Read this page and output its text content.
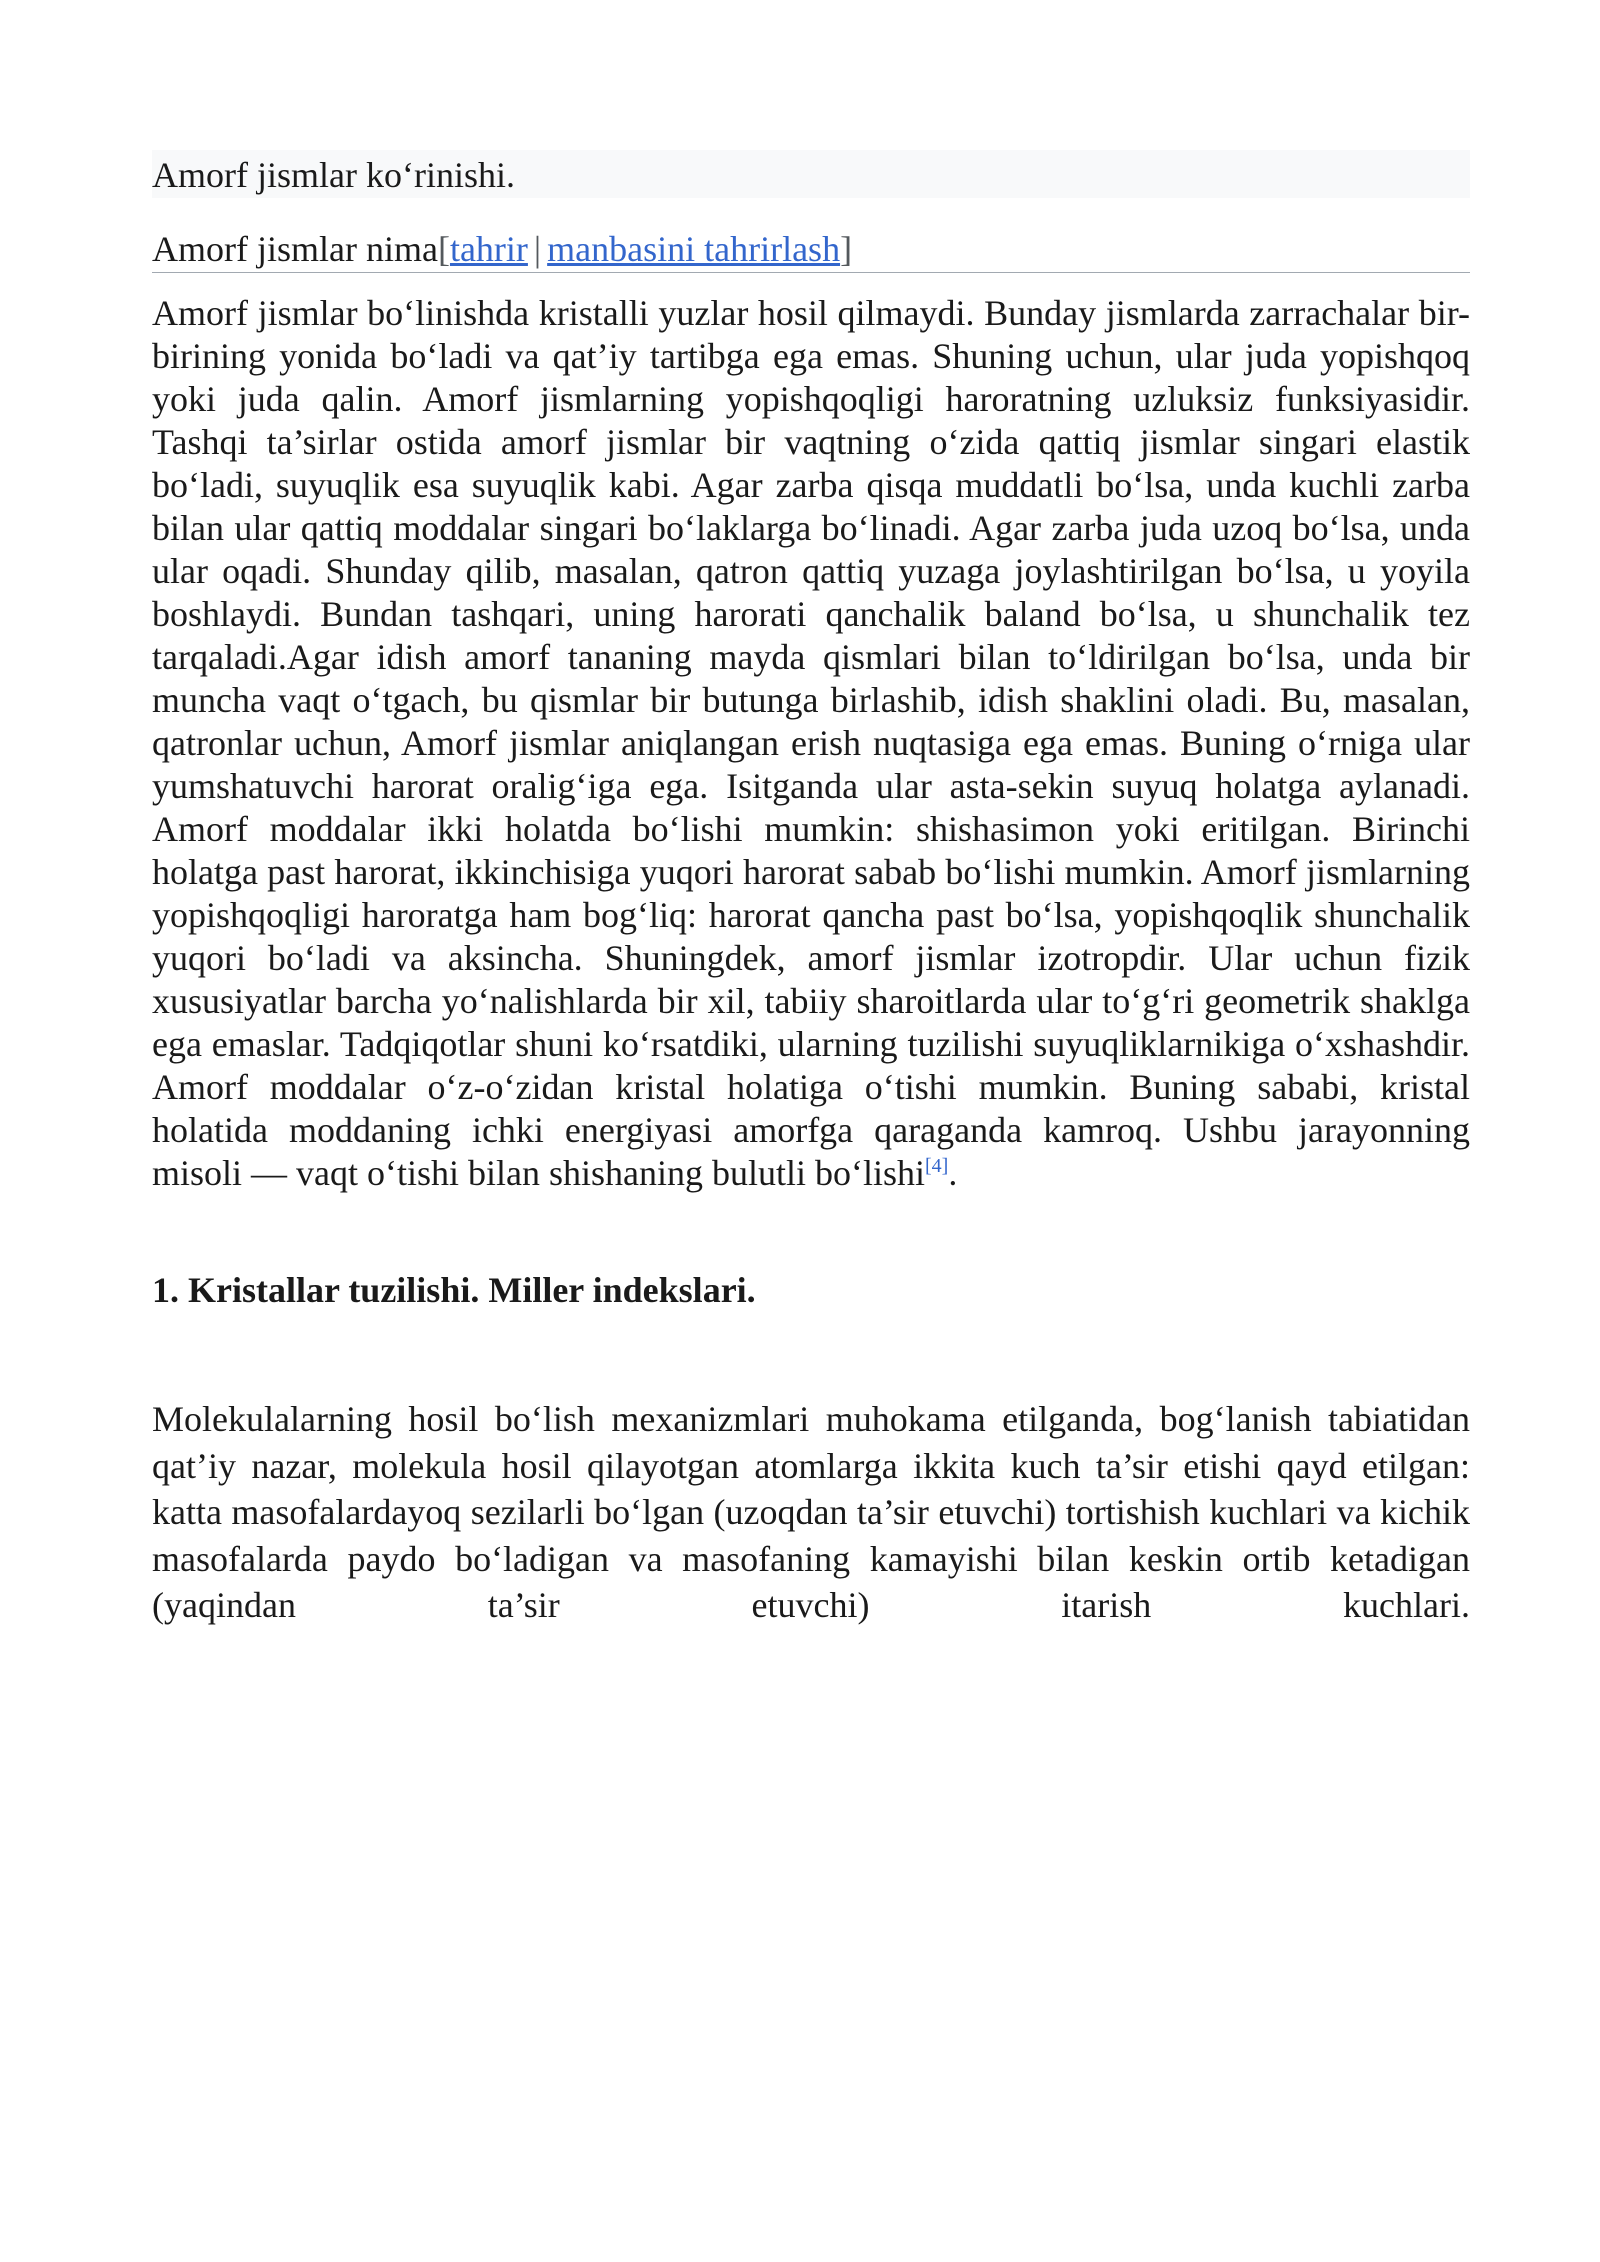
Amorf jismlar ko‘rinishi.
Amorf jismlar nima[tahrir | manbasini tahrirlash]

Amorf jismlar bo‘linishda kristalli yuzlar hosil qilmaydi. Bunday jismlarda zarrachalar bir-birining yonida bo‘ladi va qat’iy tartibga ega emas. Shuning uchun, ular juda yopishqoq yoki juda qalin. Amorf jismlarning yopishqoqligi haroratning uzluksiz funksiyasidir. Tashqi ta’sirlar ostida amorf jismlar bir vaqtning o‘zida qattiq jismlar singari elastik bo‘ladi, suyuqlik esa suyuqlik kabi. Agar zarba qisqa muddatli bo‘lsa, unda kuchli zarba bilan ular qattiq moddalar singari bo‘laklarga bo‘linadi. Agar zarba juda uzoq bo‘lsa, unda ular oqadi. Shunday qilib, masalan, qatron qattiq yuzaga joylashtirilgan bo‘lsa, u yoyila boshlaydi. Bundan tashqari, uning harorati qanchalik baland bo‘lsa, u shunchalik tez tarqaladi.Agar idish amorf tananing mayda qismlari bilan to‘ldirilgan bo‘lsa, unda bir muncha vaqt o‘tgach, bu qismlar bir butunga birlashib, idish shaklini oladi. Bu, masalan, qatronlar uchun, Amorf jismlar aniqlangan erish nuqtasiga ega emas. Buning o‘rniga ular yumshatuvchi harorat oralig‘iga ega. Isitganda ular asta-sekin suyuq holatga aylanadi. Amorf moddalar ikki holatda bo‘lishi mumkin: shishasimon yoki eritilgan. Birinchi holatga past harorat, ikkinchisiga yuqori harorat sabab bo‘lishi mumkin. Amorf jismlarning yopishqoqligi haroratga ham bog‘liq: harorat qancha past bo‘lsa, yopishqoqlik shunchalik yuqori bo‘ladi va aksincha. Shuningdek, amorf jismlar izotropdir. Ular uchun fizik xususiyatlar barcha yo‘nalishlarda bir xil, tabiiy sharoitlarda ular to‘g‘ri geometrik shaklga ega emaslar. Tadqiqotlar shuni ko‘rsatdiki, ularning tuzilishi suyuqliklarnikiga o‘xshashdir. Amorf moddalar o‘z-o‘zidan kristal holatiga o‘tishi mumkin. Buning sababi, kristal holatida moddaning ichki energiyasi amorfga qaraganda kamroq. Ushbu jarayonning misoli — vaqt o‘tishi bilan shishaning bulutli bo‘lishi[4].

1. Kristallar tuzilishi. Miller indekslari.

Molekulalarning hosil bo‘lish mexanizmlari muhokama etilganda, bog‘lanish tabiatidan qat’iy nazar, molekula hosil qilayotgan atomlarga ikkita kuch ta’sir etishi qayd etilgan: katta masofalardayoq sezilarli bo‘lgan (uzoqdan ta’sir etuvchi) tortishish kuchlari va kichik masofalarda paydo bo‘ladigan va masofaning kamayishi bilan keskin ortib ketadigan (yaqindan ta’sir etuvchi) itarish kuchlari.
